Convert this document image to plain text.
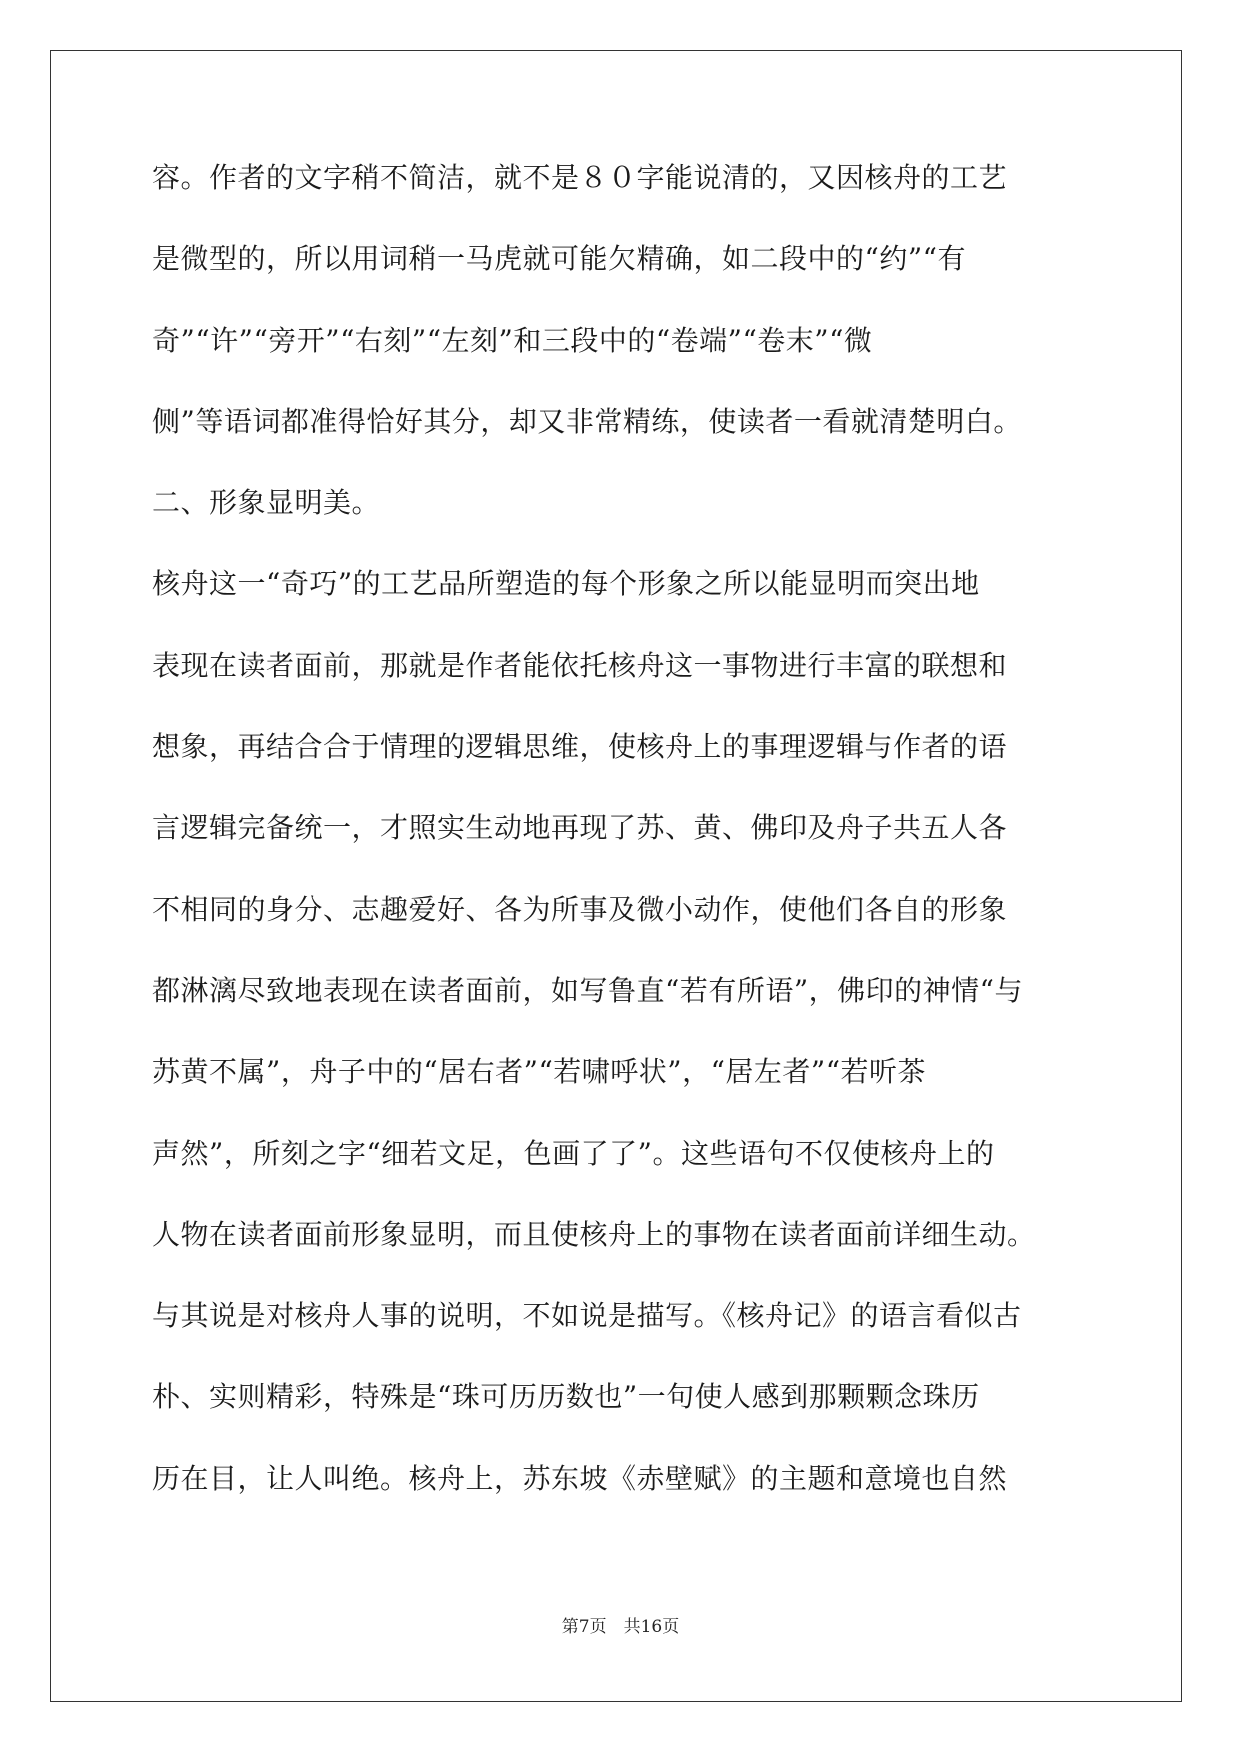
容。作者的文字稍不简洁，就不是８０字能说清的，又因核舟的工艺
是微型的，所以用词稍一马虎就可能欠精确，如二段中的“约”“有
奇”“许”“旁开”“右刻”“左刻”和三段中的“卷端”“卷末”“微
侧”等语词都准得恰好其分，却又非常精练，使读者一看就清楚明白。
二、形象显明美。
核舟这一“奇巧”的工艺品所塑造的每个形象之所以能显明而突出地
表现在读者面前，那就是作者能依托核舟这一事物进行丰富的联想和
想象，再结合合于情理的逻辑思维，使核舟上的事理逻辑与作者的语
言逻辑完备统一，才照实生动地再现了苏、黄、佛印及舟子共五人各
不相同的身分、志趣爱好、各为所事及微小动作，使他们各自的形象
都淋漓尽致地表现在读者面前，如写鲁直“若有所语”，佛印的神情“与
苏黄不属”，舟子中的“居右者”“若啸呼状”，“居左者”“若听茶
声然”，所刻之字“细若文足，色画了了”。这些语句不仅使核舟上的
人物在读者面前形象显明，而且使核舟上的事物在读者面前详细生动。
与其说是对核舟人事的说明，不如说是描写。《核舟记》的语言看似古
朴、实则精彩，特殊是“珠可历历数也”一句使人感到那颗颗念珠历
历在目，让人叫绝。核舟上，苏东坡《赤壁赋》的主题和意境也自然
第7页　共16页
